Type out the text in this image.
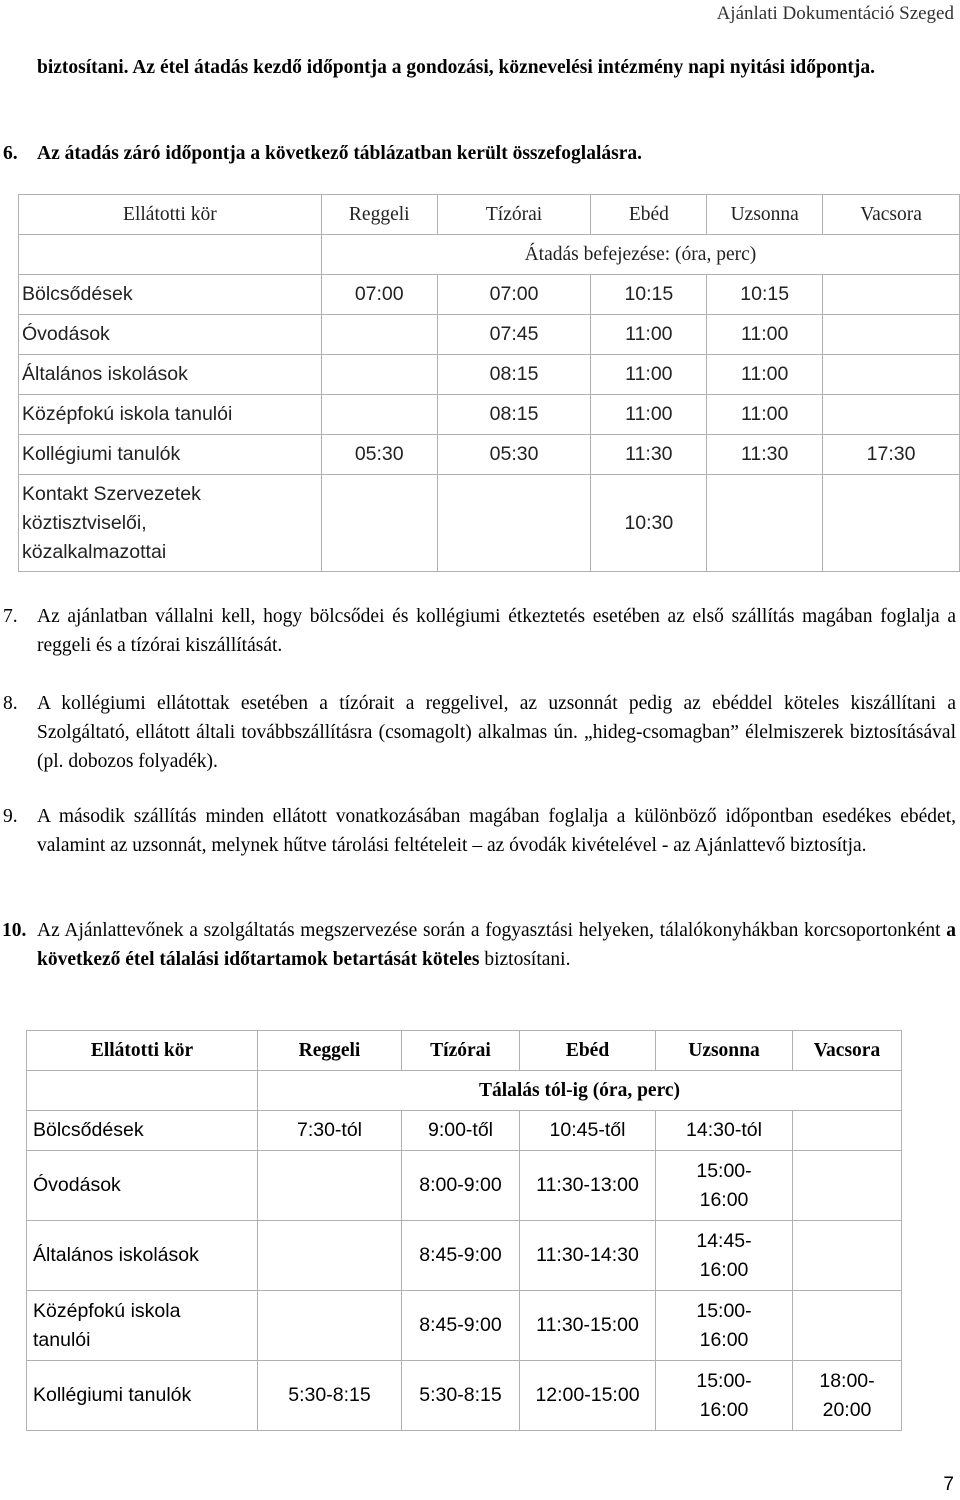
Ajánlati Dokumentáció Szeged
biztosítani. Az étel átadás kezdő időpontja a gondozási, köznevelési intézmény napi nyitási időpontja.
6. Az átadás záró időpontja a következő táblázatban került összefoglalásra.
Ellátotti kör	Reggeli	Tízórai	Ebéd	Uzsonna	Vacsora
	Átadás befejezése: (óra, perc)				
Bölcsődések	07:00	07:00	10:15	10:15	
Óvodások		07:45	11:00	11:00	
Általános iskolások		08:15	11:00	11:00	
Középfokú iskola tanulói		08:15	11:00	11:00	
Kollégiumi tanulók	05:30	05:30	11:30	11:30	17:30
Kontakt Szervezetek köztisztviselői, közalkalmazottai			10:30		
7. Az ajánlatban vállalni kell, hogy bölcsődei és kollégiumi étkeztetés esetében az első szállítás magában foglalja a reggeli és a tízórai kiszállítását.
8. A kollégiumi ellátottak esetében a tízórait a reggelivel, az uzsonnát pedig az ebéddel köteles kiszállítani a Szolgáltató, ellátott általi továbbszállításra (csomagolt) alkalmas ún. „hideg-csomagban” élelmiszerek biztosításával (pl. dobozos folyadék).
9. A második szállítás minden ellátott vonatkozásában magában foglalja a különböző időpontban esedékes ebédet, valamint az uzsonnát, melynek hűtve tárolási feltételeit – az óvodák kivételével - az Ajánlattevő biztosítja.
10. Az Ajánlattevőnek a szolgáltatás megszervezése során a fogyasztási helyeken, tálalókonyhákban korcsoportonként a következő étel tálalási időtartamok betartását köteles biztosítani.
Ellátotti kör	Reggeli	Tízórai	Ebéd	Uzsonna	Vacsora
	Tálalás tól-ig (óra, perc)				
Bölcsődések	7:30-tól	9:00-től	10:45-től	14:30-tól	
Óvodások		8:00-9:00	11:30-13:00	15:00-16:00	
Általános iskolások		8:45-9:00	11:30-14:30	14:45-16:00	
Középfokú iskola tanulói		8:45-9:00	11:30-15:00	15:00-16:00	
Kollégiumi tanulók	5:30-8:15	5:30-8:15	12:00-15:00	15:00-16:00	18:00-20:00
7
